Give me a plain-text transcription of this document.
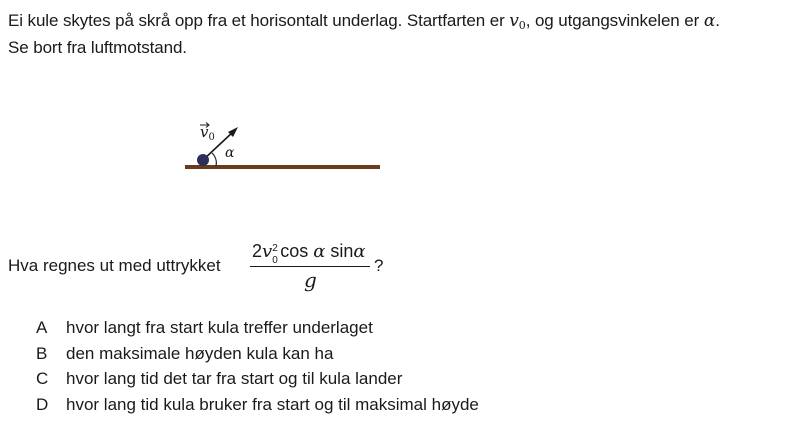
Ei kule skytes på skrå opp fra et horisontalt underlag. Startfarten er $v_0$, og utgangsvinkelen er α.
Se bort fra luftmotstand.
$v_0$
α
Hva regnes ut med uttrykket
2v 2
0 cos α sinα
g
?
A	hvor langt fra start kula treffer underlaget
B	den maksimale høyden kula kan ha
C	hvor lang tid det tar fra start og til kula lander
D	hvor lang tid kula bruker fra start og til maksimal høyde
